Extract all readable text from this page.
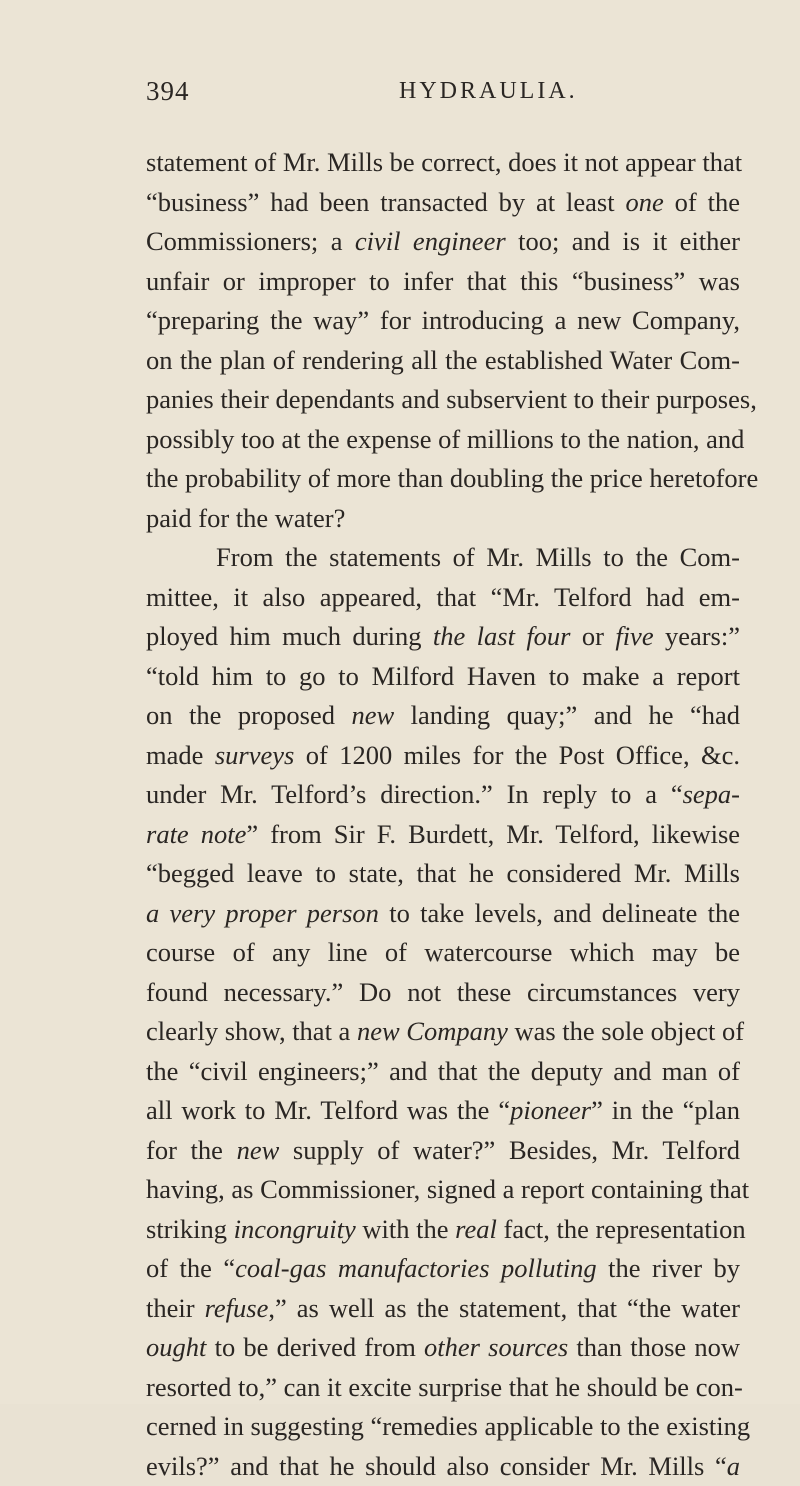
394	HYDRAULIA.
statement of Mr. Mills be correct, does it not appear that
“business” had been transacted by at least one of the
Commissioners; a civil engineer too; and is it either
unfair or improper to infer that this “business” was
“preparing the way” for introducing a new Company,
on the plan of rendering all the established Water Com-
panies their dependants and subservient to their purposes,
possibly too at the expense of millions to the nation, and
the probability of more than doubling the price heretofore
paid for the water?
From the statements of Mr. Mills to the Com-
mittee, it also appeared, that “Mr. Telford had em-
ployed him much during the last four or five years:”
“told him to go to Milford Haven to make a report
on the proposed new landing quay;” and he “had
made surveys of 1200 miles for the Post Office, &c.
under Mr. Telford’s direction.” In reply to a “sepa-
rate note” from Sir F. Burdett, Mr. Telford, likewise
“begged leave to state, that he considered Mr. Mills
a very proper person to take levels, and delineate the
course of any line of watercourse which may be
found necessary.” Do not these circumstances very
clearly show, that a new Company was the sole object of
the “civil engineers;” and that the deputy and man of
all work to Mr. Telford was the “pioneer” in the “plan
for the new supply of water?” Besides, Mr. Telford
having, as Commissioner, signed a report containing that
striking incongruity with the real fact, the representation
of the “coal-gas manufactories polluting the river by
their refuse,” as well as the statement, that “the water
ought to be derived from other sources than those now
resorted to,” can it excite surprise that he should be con-
cerned in suggesting “remedies applicable to the existing
evils?” and that he should also consider Mr. Mills “a
